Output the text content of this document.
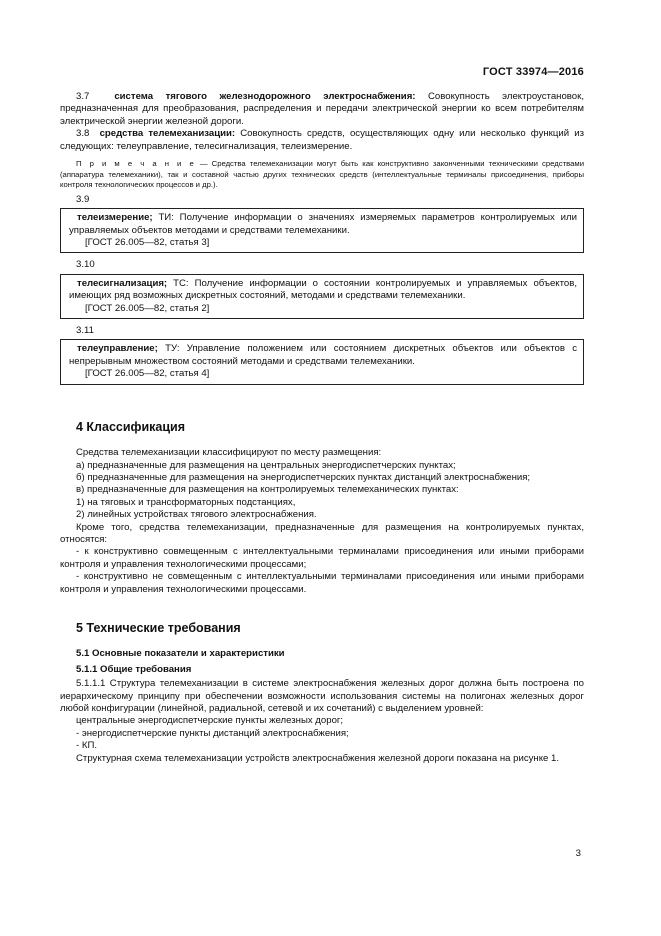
ГОСТ 33974—2016

3.7	система тягового железнодорожного электроснабжения: Совокупность электроустановок, предназначенная для преобразования, распределения и передачи электрической энергии ко всем потребителям электрической энергии железной дороги.

3.8 средства телемеханизации: Совокупность средств, осуществляющих одну или несколько функций из следующих: телеуправление, телесигнализация, телеизмерение.

П р и м е ч а н и е — Средства телемеханизации могут быть как конструктивно законченными техническими средствами (аппаратура телемеханики), так и составной частью других технических средств (интеллектуальные терминалы присоединения, приборы контроля технологических процессов и др.).

3.9

телеизмерение; ТИ: Получение информации о значениях измеряемых параметров контролируемых или управляемых объектов методами и средствами телемеханики.

[ГОСТ 26.005—82, статья 3]

3.10

телесигнализация; ТС: Получение информации о состоянии контролируемых и управляемых объектов, имеющих ряд возможных дискретных состояний, методами и средствами телемеханики.

[ГОСТ 26.005—82, статья 2]

3.11

телеуправление; ТУ: Управление положением или состоянием дискретных объектов или объектов с непрерывным множеством состояний методами и средствами телемеханики.

[ГОСТ 26.005—82, статья 4]

4 Классификация

Средства телемеханизации классифицируют по месту размещения:

а) предназначенные для размещения на центральных энергодиспетчерских пунктах;

б) предназначенные для размещения на энергодиспетчерских пунктах дистанций электроснабжения;

в) предназначенные для размещения на контролируемых телемеханических пунктах:

1) на тяговых и трансформаторных подстанциях,

2) линейных устройствах тягового электроснабжения.

Кроме того, средства телемеханизации, предназначенные для размещения на контролируемых пунктах, относятся:

- к конструктивно совмещенным с интеллектуальными терминалами присоединения или иными приборами контроля и управления технологическими процессами;

- конструктивно не совмещенным с интеллектуальными терминалами присоединения или иными приборами контроля и управления технологическими процессами.

5 Технические требования

5.1 Основные показатели и характеристики

5.1.1 Общие требования

5.1.1.1 Структура телемеханизации в системе электроснабжения железных дорог должна быть построена по иерархическому принципу при обеспечении возможности использования системы на полигонах железных дорог любой конфигурации (линейной, радиальной, сетевой и их сочетаний) с выделением уровней:

центральные энергодиспетчерские пункты железных дорог;

- энергодиспетчерские пункты дистанций электроснабжения;

- КП.

Структурная схема телемеханизации устройств электроснабжения железной дороги показана на рисунке 1.

3
